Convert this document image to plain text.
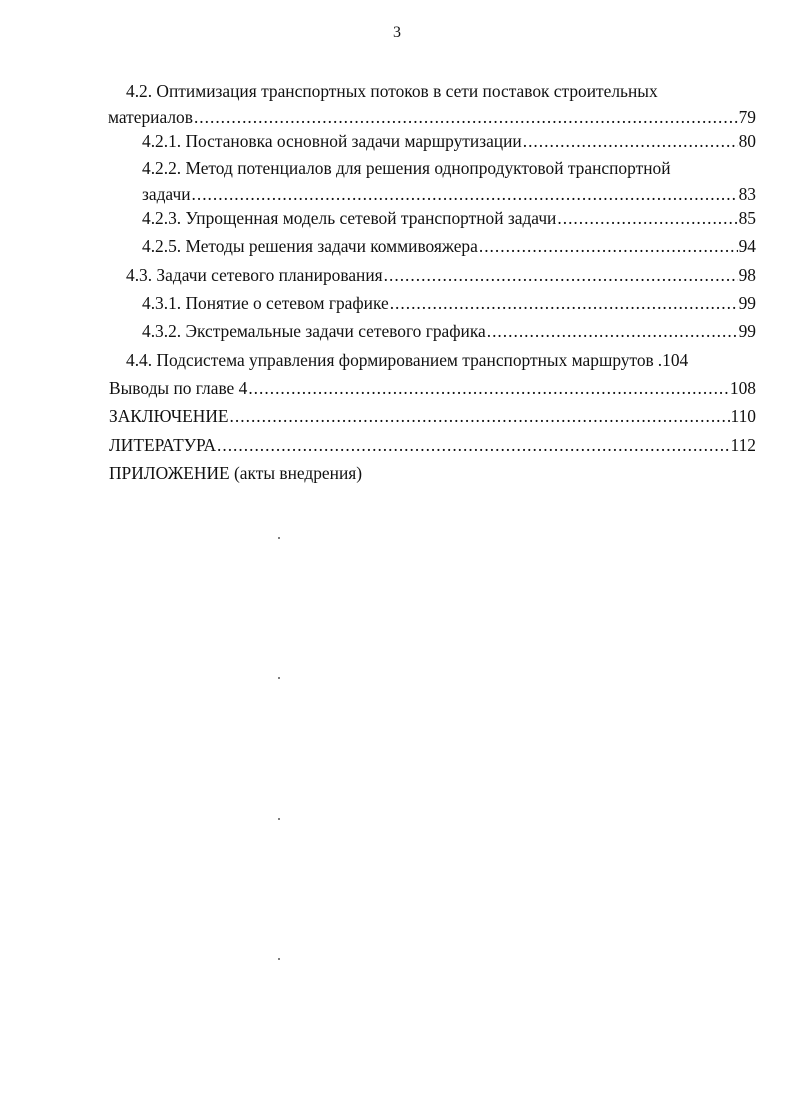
3
4.2. Оптимизация транспортных потоков в сети поставок строительных
материалов .....	79
4.2.1. Постановка основной задачи маршрутизации .....	80
4.2.2. Метод потенциалов для решения однопродуктовой транспортной
задачи .....	83
4.2.3. Упрощенная модель сетевой транспортной задачи .....	85
4.2.5. Методы решения задачи коммивояжера .....	94
4.3. Задачи сетевого планирования .....	98
4.3.1. Понятие о сетевом графике .....	99
4.3.2. Экстремальные задачи сетевого графика .....	99
4.4. Подсистема управления формированием транспортных маршрутов .104
Выводы по главе 4 .....	108
ЗАКЛЮЧЕНИЕ .....	110
ЛИТЕРАТУРА .....	112
ПРИЛОЖЕНИЕ (акты внедрения)
